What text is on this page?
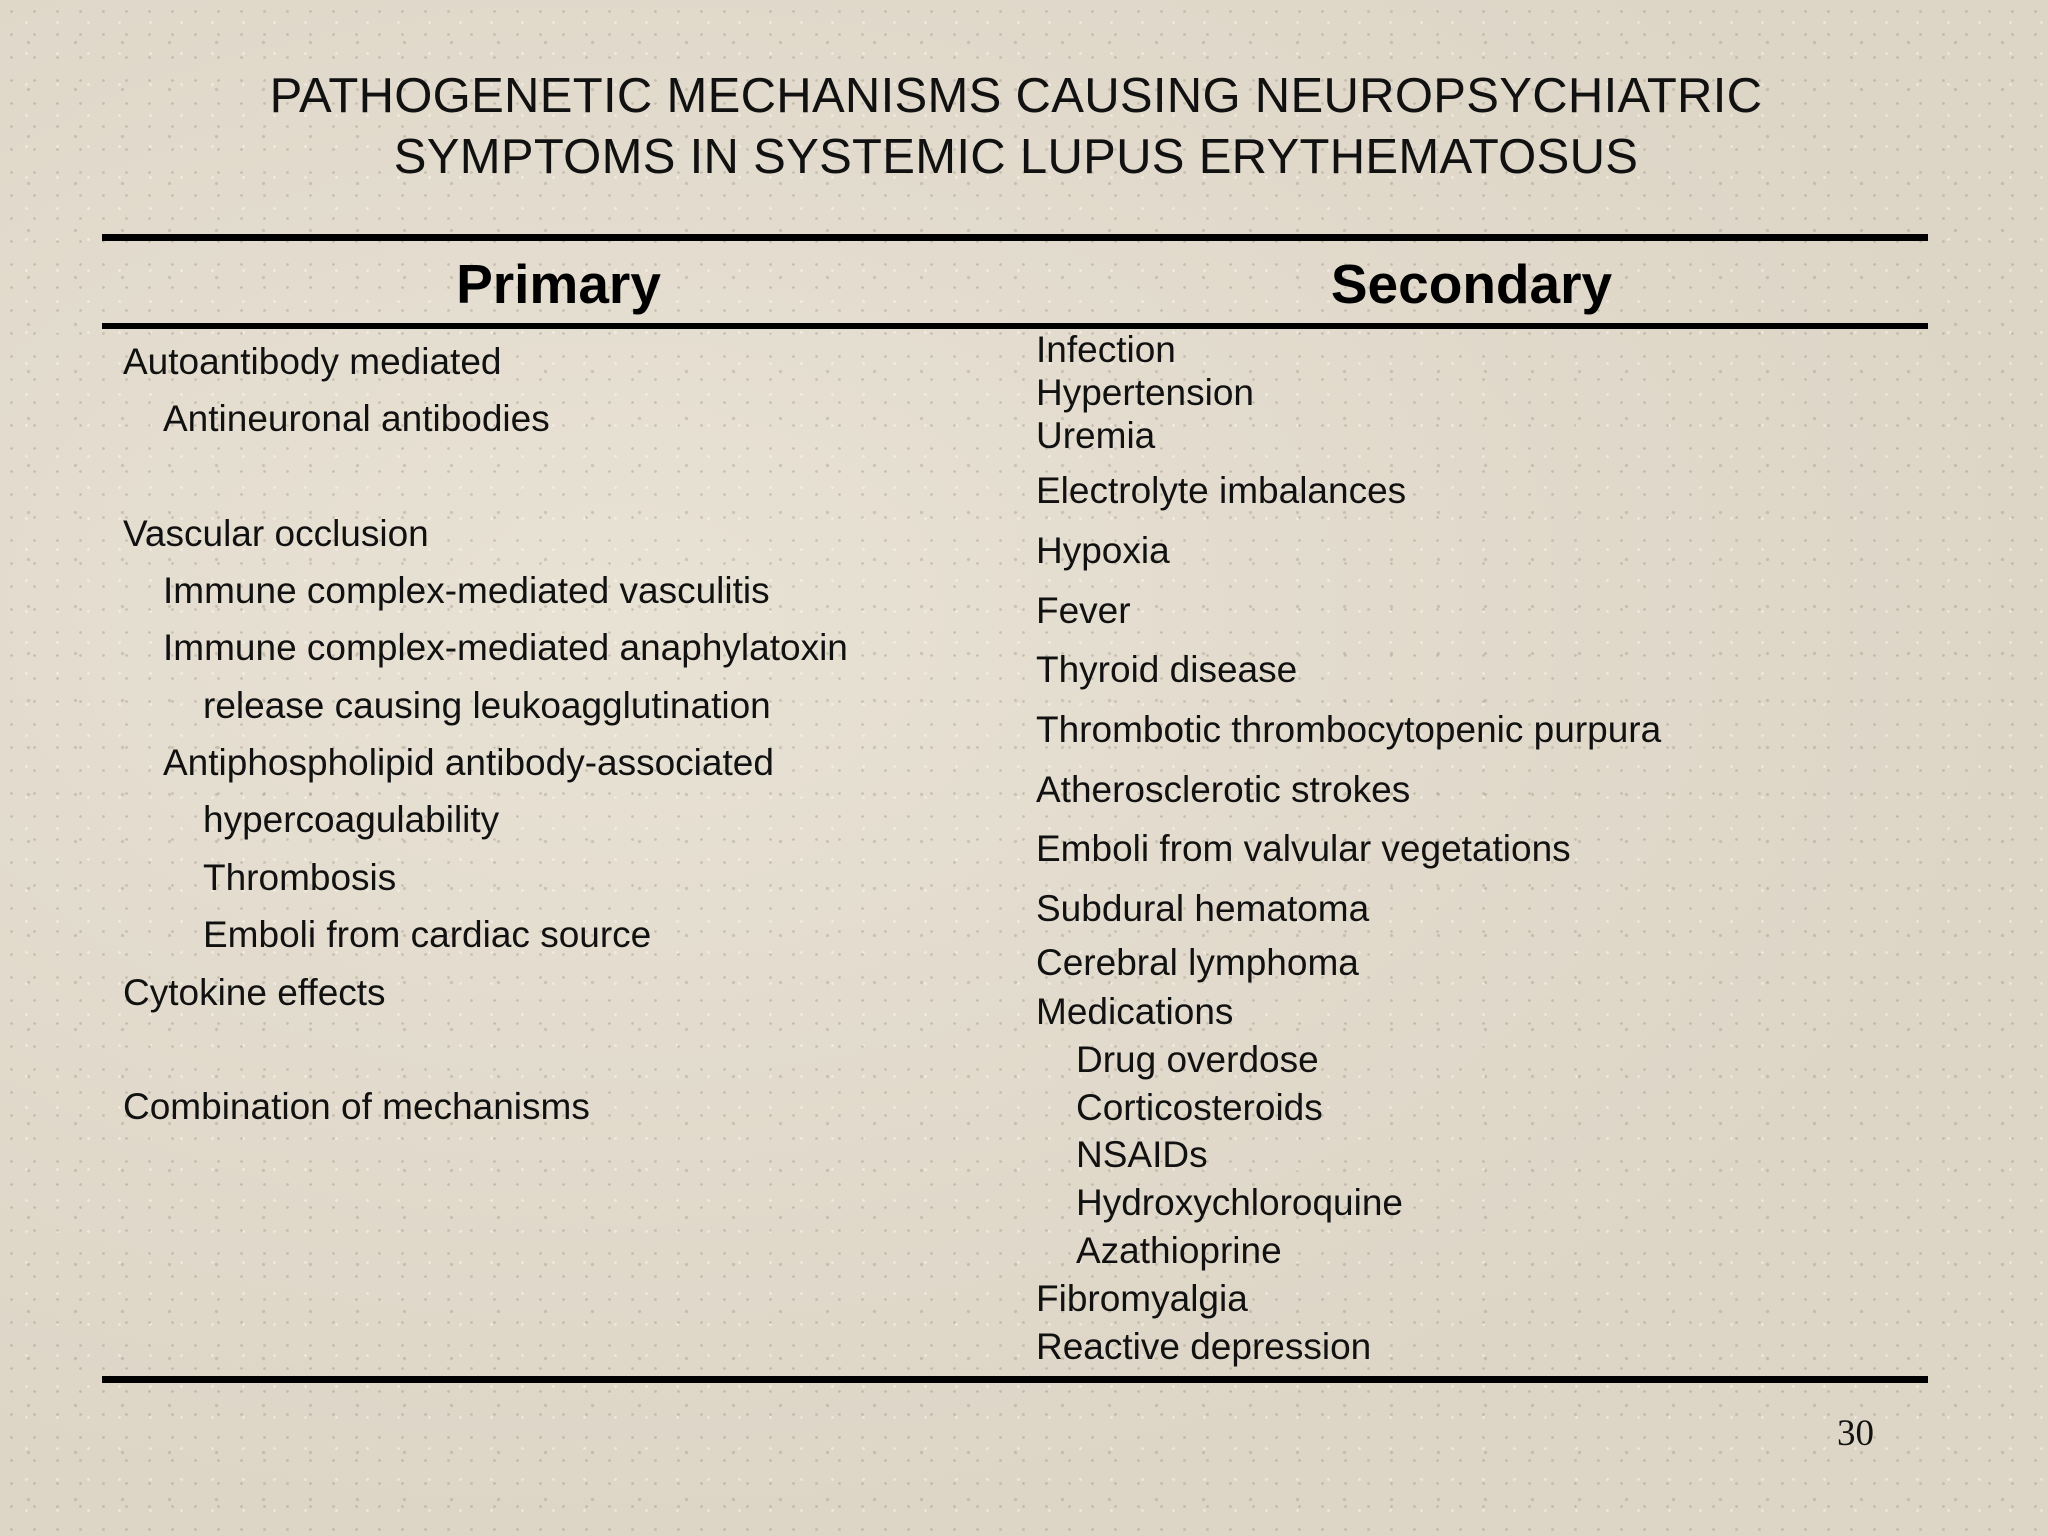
PATHOGENETIC MECHANISMS CAUSING NEUROPSYCHIATRIC
SYMPTOMS IN SYSTEMIC LUPUS ERYTHEMATOSUS
Primary	Secondary
Autoantibody mediated
Antineuronal antibodies
Vascular occlusion
Immune complex-mediated vasculitis
Immune complex-mediated anaphylatoxin
release causing leukoagglutination
Antiphospholipid antibody-associated
hypercoagulability
Thrombosis
Emboli from cardiac source
Cytokine effects
Combination of mechanisms
Infection
Hypertension
Uremia
Electrolyte imbalances
Hypoxia
Fever
Thyroid disease
Thrombotic thrombocytopenic purpura
Atherosclerotic strokes
Emboli from valvular vegetations
Subdural hematoma
Cerebral lymphoma
Medications
Drug overdose
Corticosteroids
NSAIDs
Hydroxychloroquine
Azathioprine
Fibromyalgia
Reactive depression
30
